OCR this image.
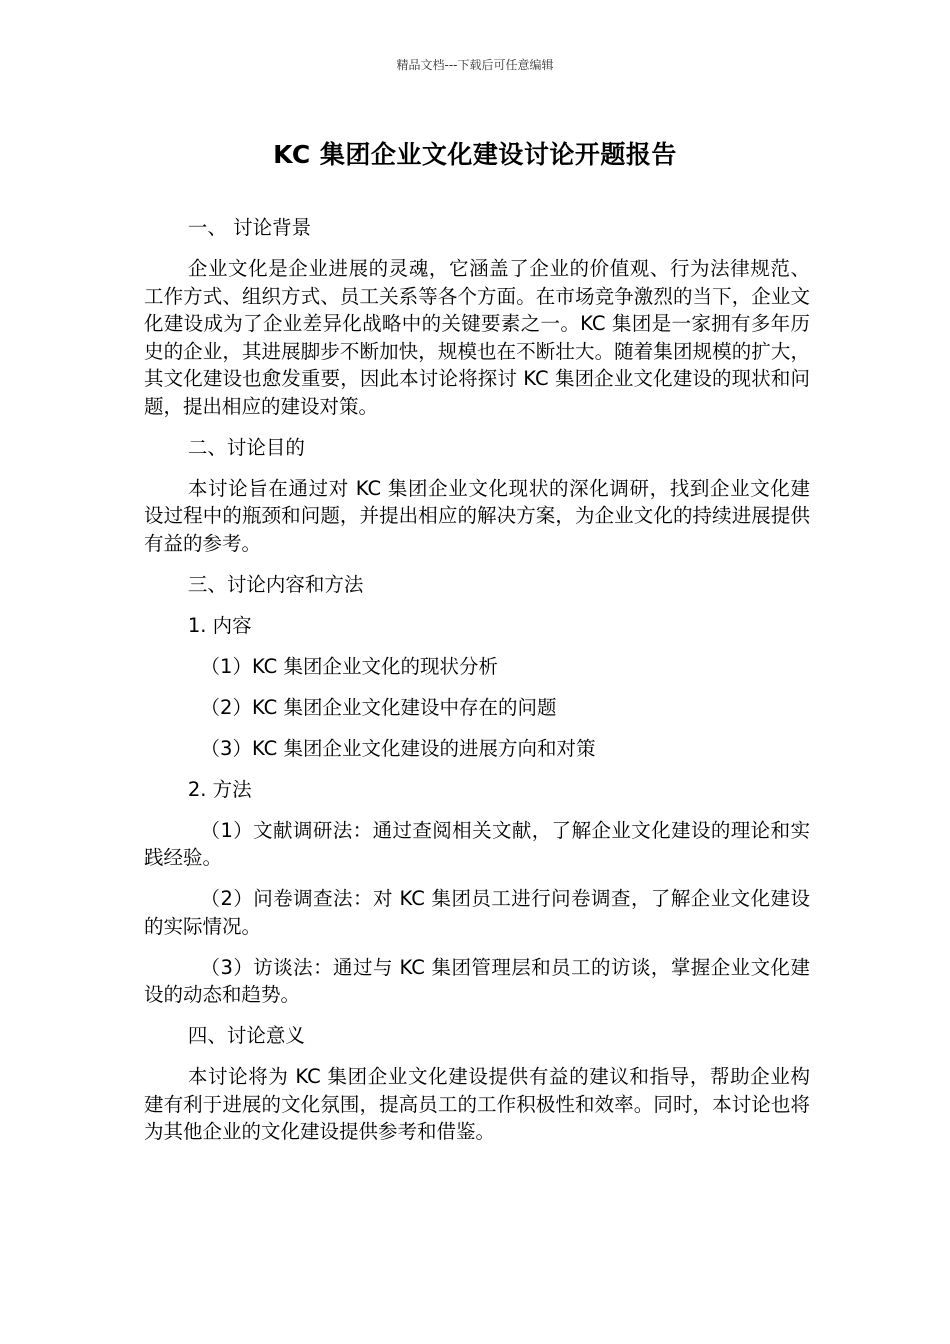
精品文档---下载后可任意编辑
KC 集团企业文化建设讨论开题报告

一、 讨论背景

企业文化是企业进展的灵魂，它涵盖了企业的价值观、行为法律规范、工作方式、组织方式、员工关系等各个方面。在市场竞争激烈的当下，企业文化建设成为了企业差异化战略中的关键要素之一。KC 集团是一家拥有多年历史的企业，其进展脚步不断加快，规模也在不断壮大。随着集团规模的扩大，其文化建设也愈发重要，因此本讨论将探讨 KC 集团企业文化建设的现状和问题，提出相应的建设对策。

二、讨论目的

本讨论旨在通过对 KC 集团企业文化现状的深化调研，找到企业文化建设过程中的瓶颈和问题，并提出相应的解决方案，为企业文化的持续进展提供有益的参考。

三、讨论内容和方法

1. 内容

（1）KC 集团企业文化的现状分析

（2）KC 集团企业文化建设中存在的问题

（3）KC 集团企业文化建设的进展方向和对策

2. 方法

（1）文献调研法：通过查阅相关文献，了解企业文化建设的理论和实践经验。

（2）问卷调查法：对 KC 集团员工进行问卷调查，了解企业文化建设的实际情况。

（3）访谈法：通过与 KC 集团管理层和员工的访谈，掌握企业文化建设的动态和趋势。

四、讨论意义

本讨论将为 KC 集团企业文化建设提供有益的建议和指导，帮助企业构建有利于进展的文化氛围，提高员工的工作积极性和效率。同时，本讨论也将为其他企业的文化建设提供参考和借鉴。
